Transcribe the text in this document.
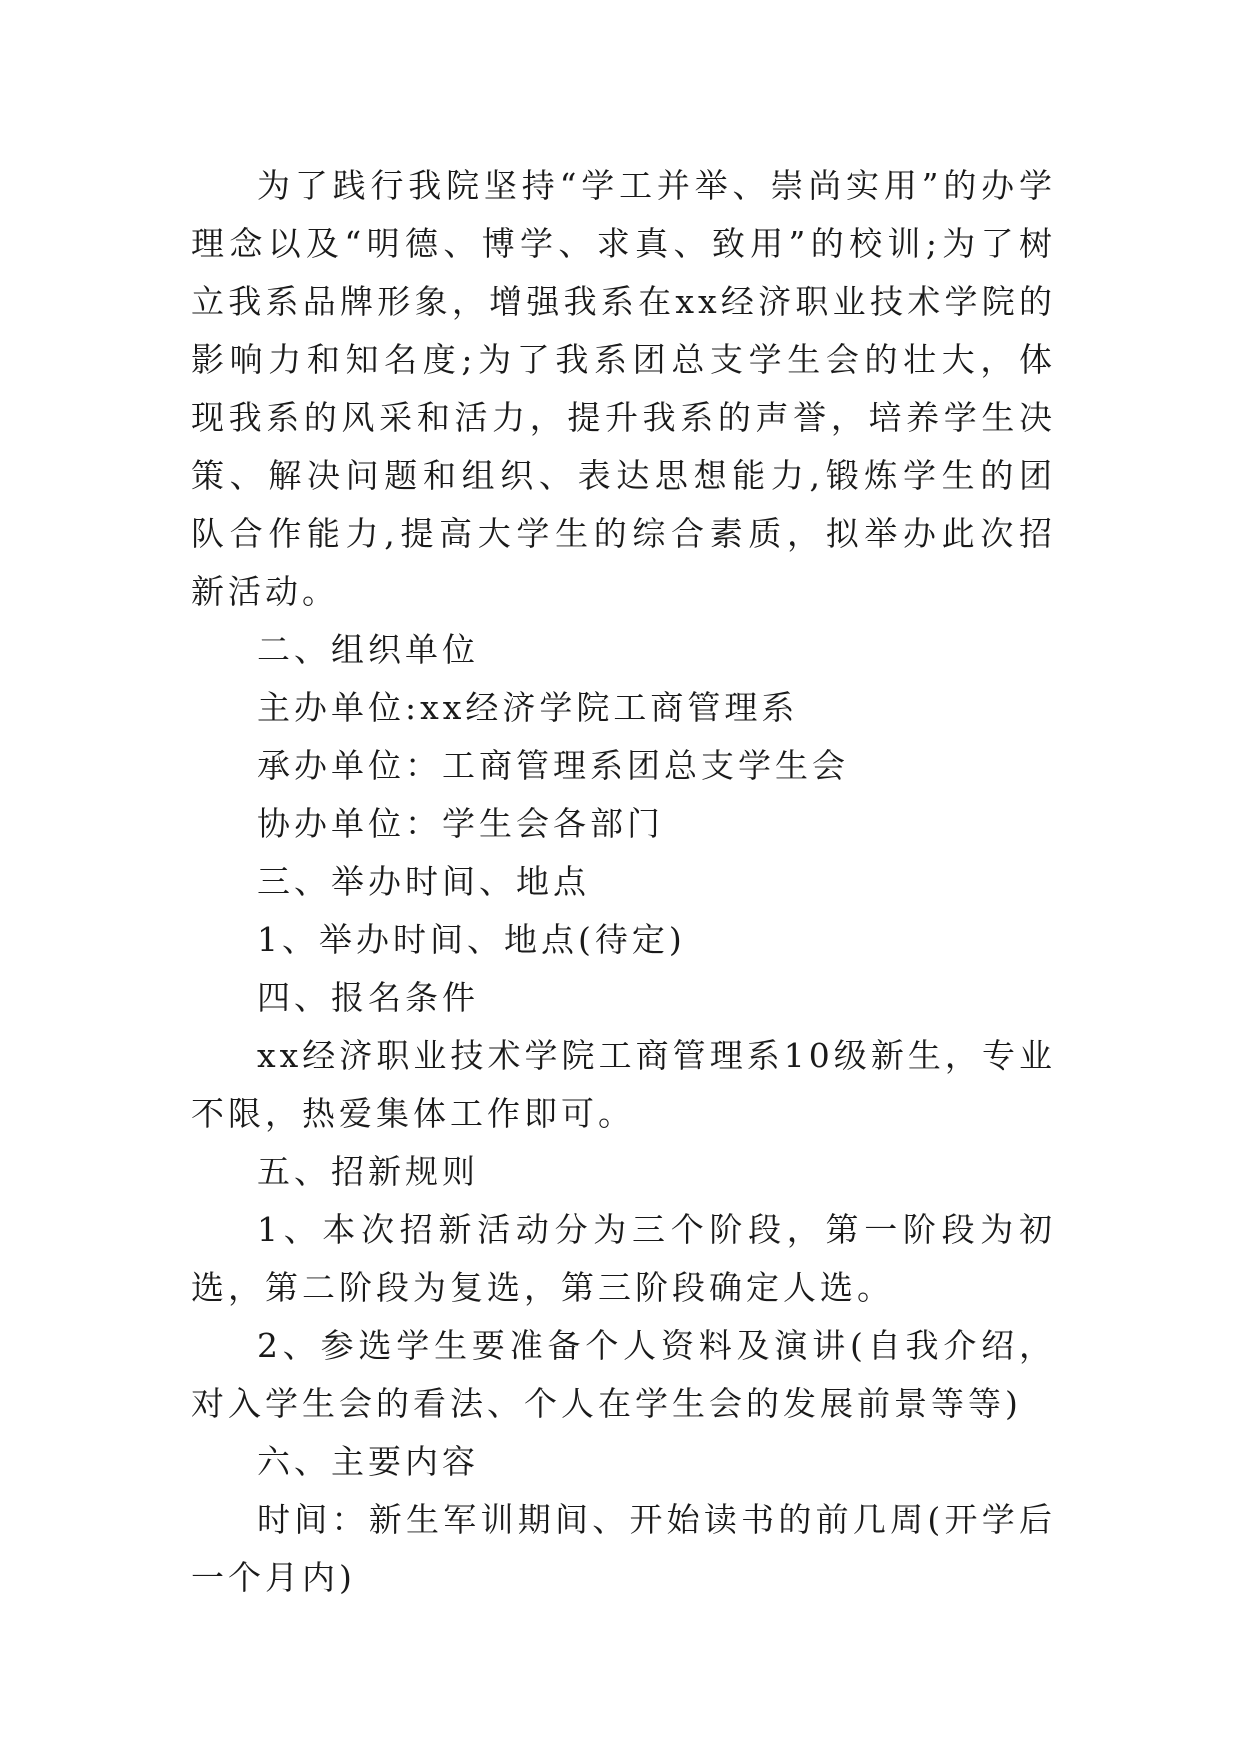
为了践行我院坚持“学工并举、崇尚实用”的办学理念以及“明德、博学、求真、致用”的校训;为了树立我系品牌形象，增强我系在xx经济职业技术学院的影响力和知名度;为了我系团总支学生会的壮大，体现我系的风采和活力，提升我系的声誉，培养学生决策、解决问题和组织、表达思想能力,锻炼学生的团队合作能力,提高大学生的综合素质，拟举办此次招新活动。

二、组织单位

主办单位:xx经济学院工商管理系

承办单位：工商管理系团总支学生会

协办单位：学生会各部门

三、举办时间、地点

1、举办时间、地点(待定)

四、报名条件

xx经济职业技术学院工商管理系10级新生，专业不限，热爱集体工作即可。

五、招新规则

1、本次招新活动分为三个阶段，第一阶段为初选，第二阶段为复选，第三阶段确定人选。

2、参选学生要准备个人资料及演讲(自我介绍，对入学生会的看法、个人在学生会的发展前景等等)

六、主要内容

时间：新生军训期间、开始读书的前几周(开学后一个月内)
